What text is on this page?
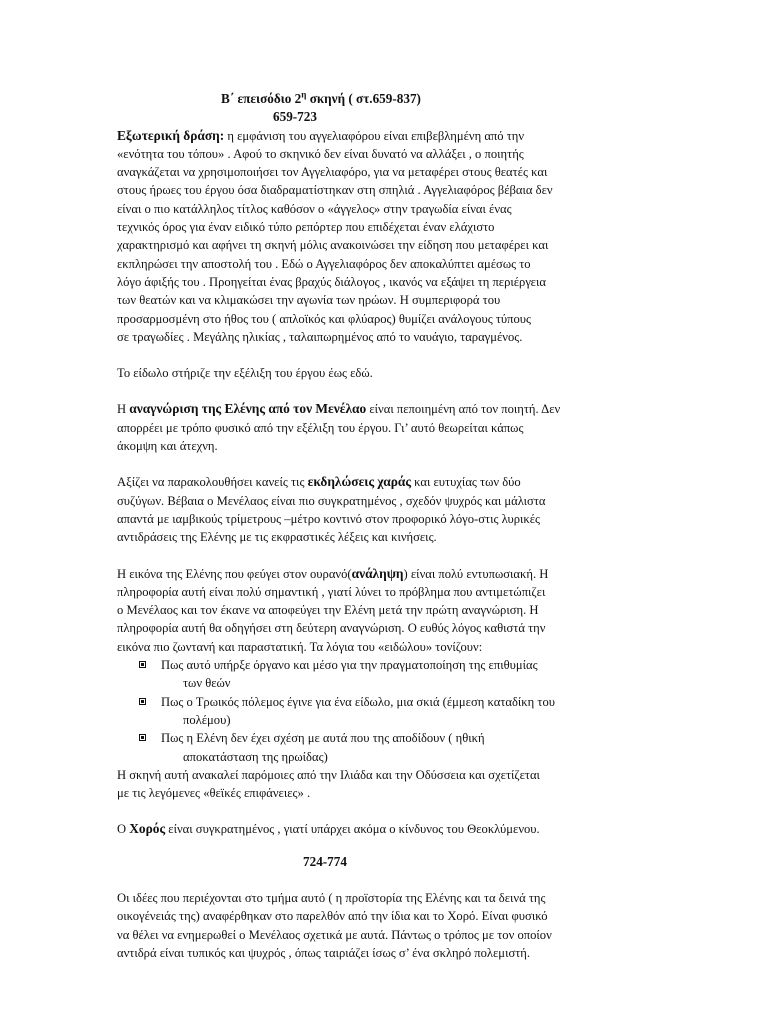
Β΄ επεισόδιο $2^\eta$ σκηνή ( στ.659-837)
659-723

Εξωτερική δράση: η εμφάνιση του αγγελιαφόρου είναι επιβεβλημένη από την
«ενότητα του τόπου» . Αφού το σκηνικό δεν είναι δυνατό να αλλάξει , ο ποιητής
αναγκάζεται να χρησιμοποιήσει τον Αγγελιαφόρο, για να μεταφέρει στους θεατές και
στους ήρωες του έργου όσα διαδραματίστηκαν στη σπηλιά . Αγγελιαφόρος βέβαια δεν
είναι ο πιο κατάλληλος τίτλος καθόσον ο «άγγελος» στην τραγωδία είναι ένας
τεχνικός όρος για έναν ειδικό τύπο ρεπόρτερ που επιδέχεται έναν ελάχιστο
χαρακτηρισμό και αφήνει τη σκηνή μόλις ανακοινώσει την είδηση που μεταφέρει και
εκπληρώσει την αποστολή του . Εδώ ο Αγγελιαφόρος δεν αποκαλύπτει αμέσως το
λόγο άφιξής του . Προηγείται ένας βραχύς διάλογος , ικανός να εξάψει τη περιέργεια
των θεατών και να κλιμακώσει την αγωνία των ηρώων. Η συμπεριφορά του
προσαρμοσμένη στο ήθος του ( απλοϊκός και φλύαρος) θυμίζει ανάλογους τύπους
σε τραγωδίες . Μεγάλης ηλικίας , ταλαιπωρημένος από το ναυάγιο, ταραγμένος.

Το είδωλο στήριζε την εξέλιξη του έργου έως εδώ.

Η αναγνώριση της Ελένης από τον Μενέλαο είναι πεποιημένη από τον ποιητή. Δεν
απορρέει με τρόπο φυσικό από την εξέλιξη του έργου. Γι’ αυτό θεωρείται κάπως
άκομψη και άτεχνη.

Αξίζει να παρακολουθήσει κανείς τις εκδηλώσεις χαράς και ευτυχίας των δύο
συζύγων. Βέβαια ο Μενέλαος είναι πιο συγκρατημένος , σχεδόν ψυχρός και μάλιστα
απαντά με ιαμβικούς τρίμετρους –μέτρο κοντινό στον προφορικό λόγο-στις λυρικές
αντιδράσεις της Ελένης με τις εκφραστικές λέξεις και κινήσεις.

Η εικόνα της Ελένης που φεύγει στον ουρανό(ανάληψη) είναι πολύ εντυπωσιακή. Η
πληροφορία αυτή είναι πολύ σημαντική , γιατί λύνει το πρόβλημα που αντιμετώπιζει
ο Μενέλαος και τον έκανε να αποφεύγει την Ελένη μετά την πρώτη αναγνώριση. Η
πληροφορία αυτή θα οδηγήσει στη δεύτερη αναγνώριση. Ο ευθύς λόγος καθιστά την
εικόνα πιο ζωντανή και παραστατική. Τα λόγια του «ειδώλου» τονίζουν:

Πως αυτό υπήρξε όργανο και μέσο για την πραγματοποίηση της επιθυμίας
των θεών
Πως ο Τρωικός πόλεμος έγινε για ένα είδωλο, μια σκιά (έμμεση καταδίκη του
πολέμου)
Πως η Ελένη δεν έχει σχέση με αυτά που της αποδίδουν ( ηθική
αποκατάσταση της ηρωίδας)

Η σκηνή αυτή ανακαλεί παρόμοιες από την Ιλιάδα και την Οδύσσεια και σχετίζεται
με τις λεγόμενες «θεϊκές επιφάνειες» .

Ο Χορός είναι συγκρατημένος , γιατί υπάρχει ακόμα ο κίνδυνος του Θεοκλύμενου.

724-774

Οι ιδέες που περιέχονται στο τμήμα αυτό ( η προϊστορία της Ελένης και τα δεινά της
οικογένειάς της) αναφέρθηκαν στο παρελθόν από την ίδια και το Χορό. Είναι φυσικό
να θέλει να ενημερωθεί ο Μενέλαος σχετικά με αυτά. Πάντως ο τρόπος με τον οποίον
αντιδρά είναι τυπικός και ψυχρός , όπως ταιριάζει ίσως σ’ ένα σκληρό πολεμιστή.
